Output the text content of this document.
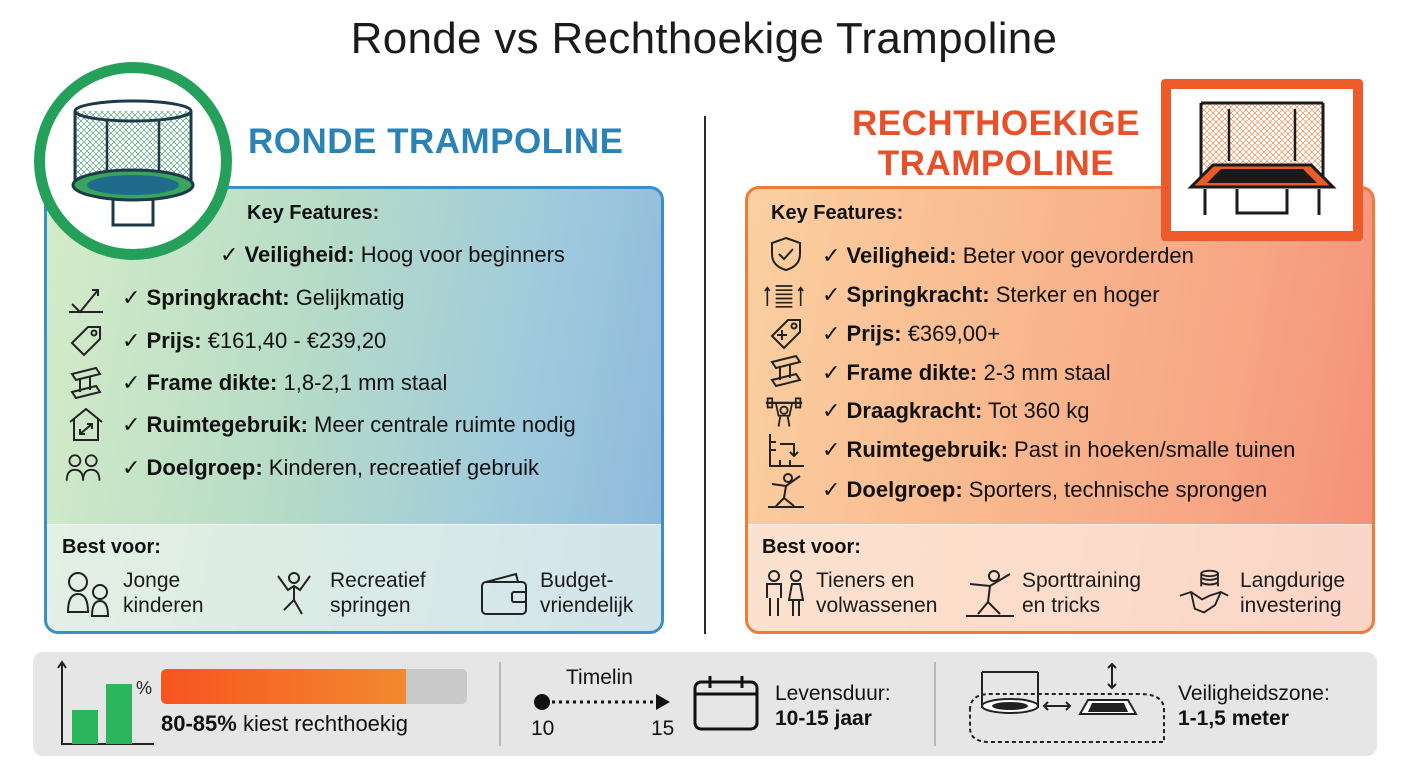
Ronde vs Rechthoekige Trampoline
RONDE TRAMPOLINE
Key Features:
✓ Veiligheid: Hoog voor beginners
✓ Springkracht: Gelijkmatig
✓ Prijs: €161,40 - €239,20
✓ Frame dikte: 1,8-2,1 mm staal
✓ Ruimtegebruik: Meer centrale ruimte nodig
✓ Doelgroep: Kinderen, recreatief gebruik
Best voor:
Jonge
kinderen
Recreatief
springen
Budget-
vriendelijk
RECHTHOEKIGE
TRAMPOLINE
Key Features:
✓ Veiligheid: Beter voor gevorderden
✓ Springkracht: Sterker en hoger
✓ Prijs: €369,00+
✓ Frame dikte: 2-3 mm staal
✓ Draagkracht: Tot 360 kg
✓ Ruimtegebruik: Past in hoeken/smalle tuinen
✓ Doelgroep: Sporters, technische sprongen
Best voor:
Tieners en
volwassenen
Sporttraining
en tricks
Langdurige
investering
%
80-85% kiest rechthoekig
Timelin
10	15
Levensduur:
10-15 jaar
Veiligheidszone:
1-1,5 meter
